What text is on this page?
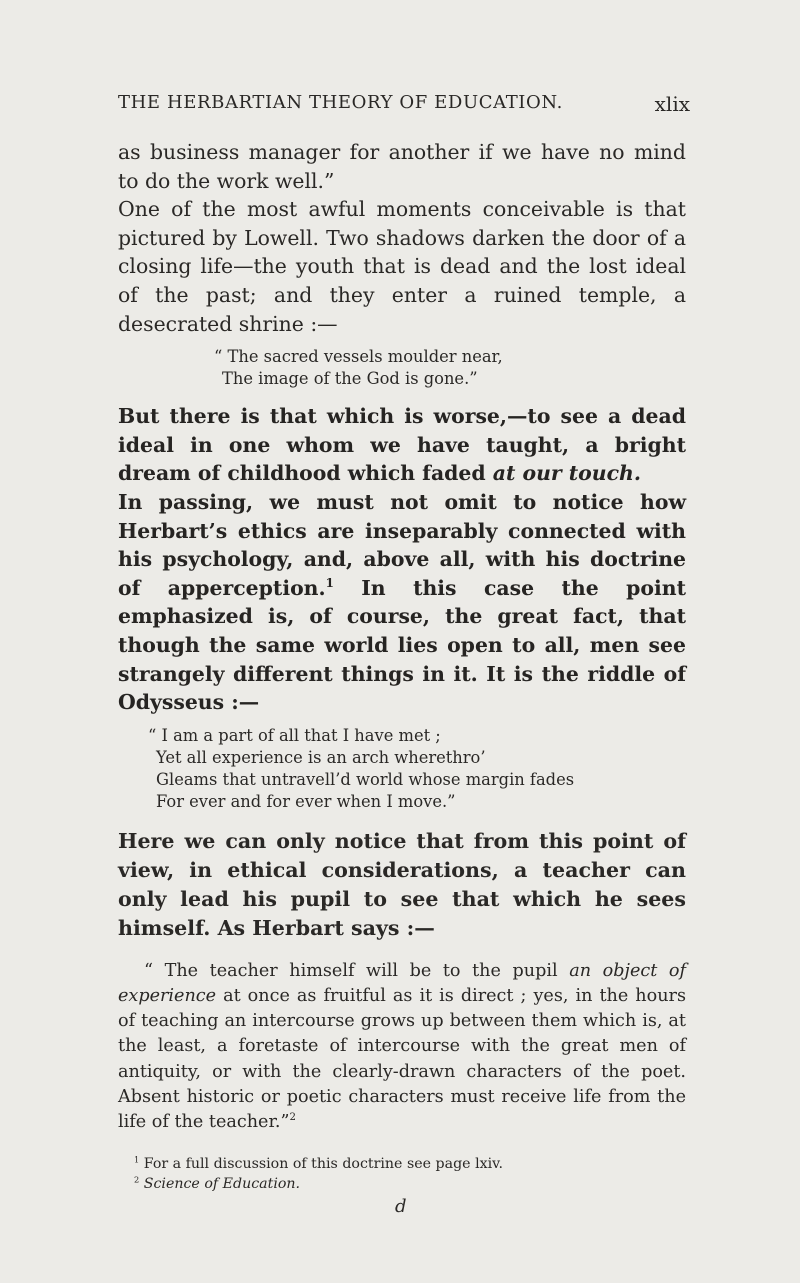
THE HERBARTIAN THEORY OF EDUCATION.	xlix

as business manager for another if we have no mind to do the work well.”

One of the most awful moments conceivable is that pictured by Lowell. Two shadows darken the door of a closing life—the youth that is dead and the lost ideal of the past; and they enter a ruined temple, a desecrated shrine :—

“ The sacred vessels moulder near,
The image of the God is gone.”

But there is that which is worse,—to see a dead ideal in one whom we have taught, a bright dream of childhood which faded at our touch.

In passing, we must not omit to notice how Herbart’s ethics are inseparably connected with his psychology, and, above all, with his doctrine of apperception.$^1$ In this case the point emphasized is, of course, the great fact, that though the same world lies open to all, men see strangely different things in it. It is the riddle of Odysseus :—

“ I am a part of all that I have met ;
Yet all experience is an arch wherethro’
Gleams that untravell’d world whose margin fades
For ever and for ever when I move.”

Here we can only notice that from this point of view, in ethical considerations, a teacher can only lead his pupil to see that which he sees himself. As Herbart says :—

“ The teacher himself will be to the pupil an object of experience at once as fruitful as it is direct ; yes, in the hours of teaching an intercourse grows up between them which is, at the least, a foretaste of intercourse with the great men of antiquity, or with the clearly-drawn characters of the poet. Absent historic or poetic characters must receive life from the life of the teacher.”$^2$

$^1$ For a full discussion of this doctrine see page lxiv.
$^2$ Science of Education.
d
